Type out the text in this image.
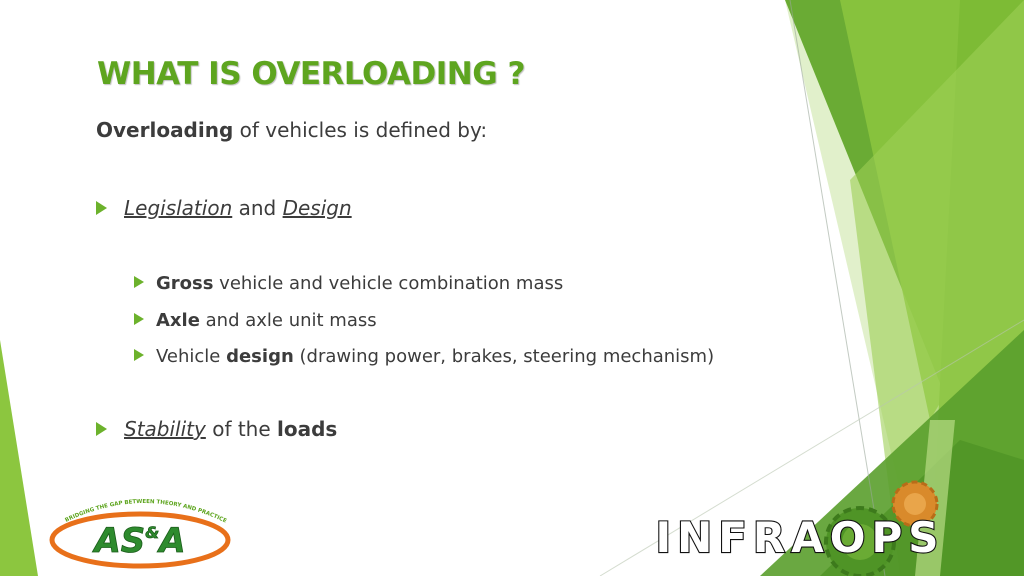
WHAT IS OVERLOADING ?

Overloading of vehicles is defined by:

Legislation and Design

Gross vehicle and vehicle combination mass

Axle and axle unit mass

Vehicle design (drawing power, brakes, steering mechanism)

Stability of the loads

BRIDGING THE GAP BETWEEN THEORY AND PRACTICE
AS&A	INFRAOPS
